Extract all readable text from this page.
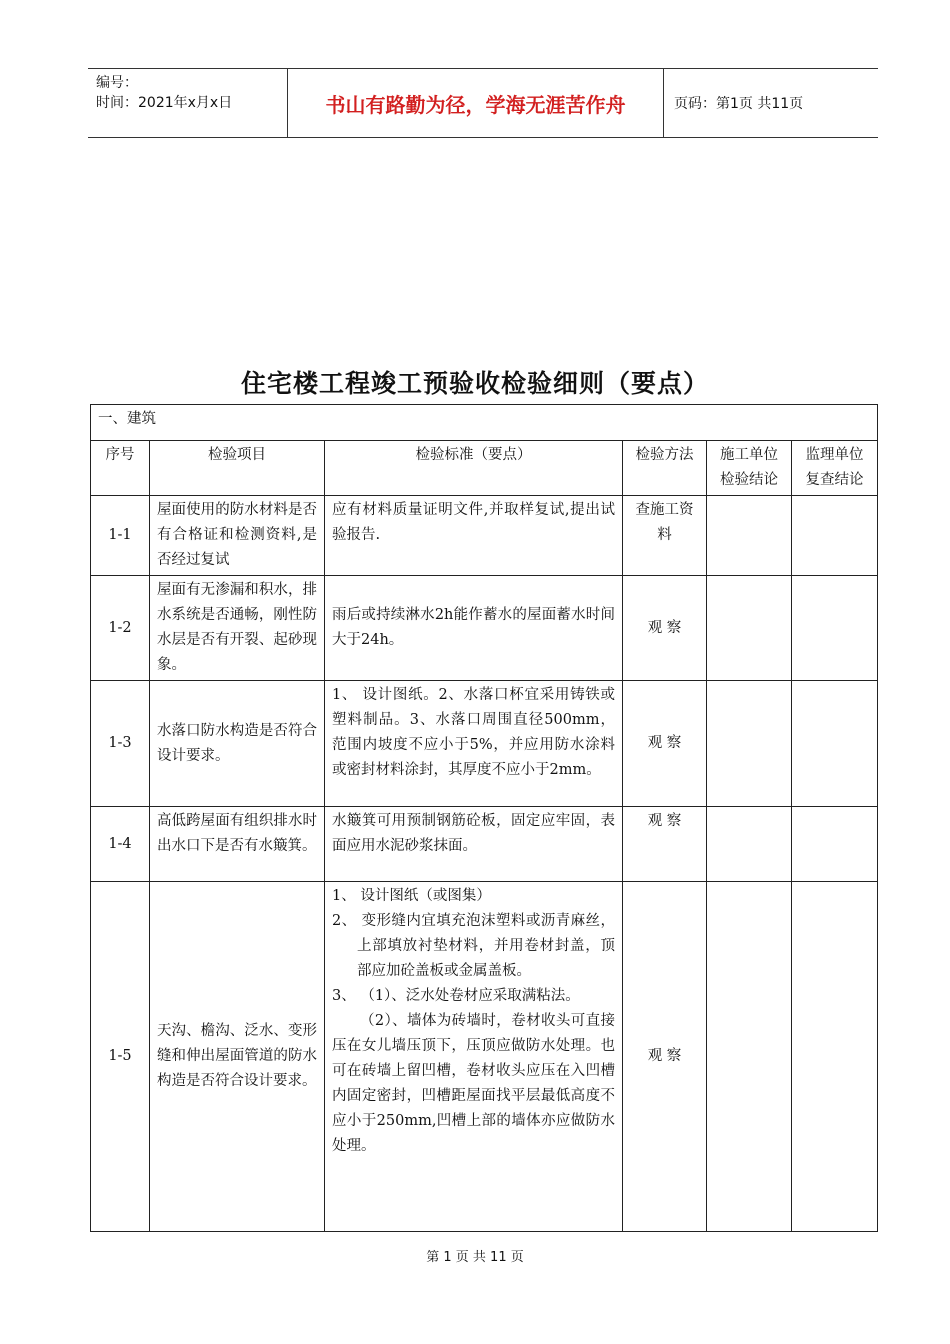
编号：
时间：2021年x月x日	书山有路勤为径，学海无涯苦作舟	页码：第1页 共11页
住宅楼工程竣工预验收检验细则（要点）
一、建筑					
序号	检验项目	检验标准（要点）	检验方法	施工单位检验结论	监理单位复查结论
1-1	屋面使用的防水材料是否有合格证和检测资料,是否经过复试	应有材料质量证明文件,并取样复试,提出试验报告.	查施工资料		
1-2	屋面有无渗漏和积水，排水系统是否通畅，刚性防水层是否有开裂、起砂现象。	雨后或持续淋水2h能作蓄水的屋面蓄水时间大于24h。	观 察		
1-3	水落口防水构造是否符合设计要求。	1、 设计图纸。2、水落口杯宜采用铸铁或塑料制品。3、水落口周围直径500mm， 范围内坡度不应小于5%，并应用防水涂料或密封材料涂封，其厚度不应小于2mm。	观 察		
1-4	高低跨屋面有组织排水时出水口下是否有水簸箕。	水簸箕可用预制钢筋砼板，固定应牢固，表面应用水泥砂浆抹面。	观 察		
1-5	天沟、檐沟、泛水、变形缝和伸出屋面管道的防水构造是否符合设计要求。	1、 设计图纸（或图集）
2、 变形缝内宜填充泡沫塑料或沥青麻丝，上部填放衬垫材料，并用卷材封盖，顶部应加砼盖板或金属盖板。
3、 （1）、泛水处卷材应采取满粘法。
（2）、墙体为砖墙时，卷材收头可直接压在女儿墙压顶下，压顶应做防水处理。也可在砖墙上留凹槽，卷材收头应压在入凹槽内固定密封，凹槽距屋面找平层最低高度不应小于250mm,凹槽上部的墙体亦应做防水处理。	观 察		
第 1 页 共 11 页
